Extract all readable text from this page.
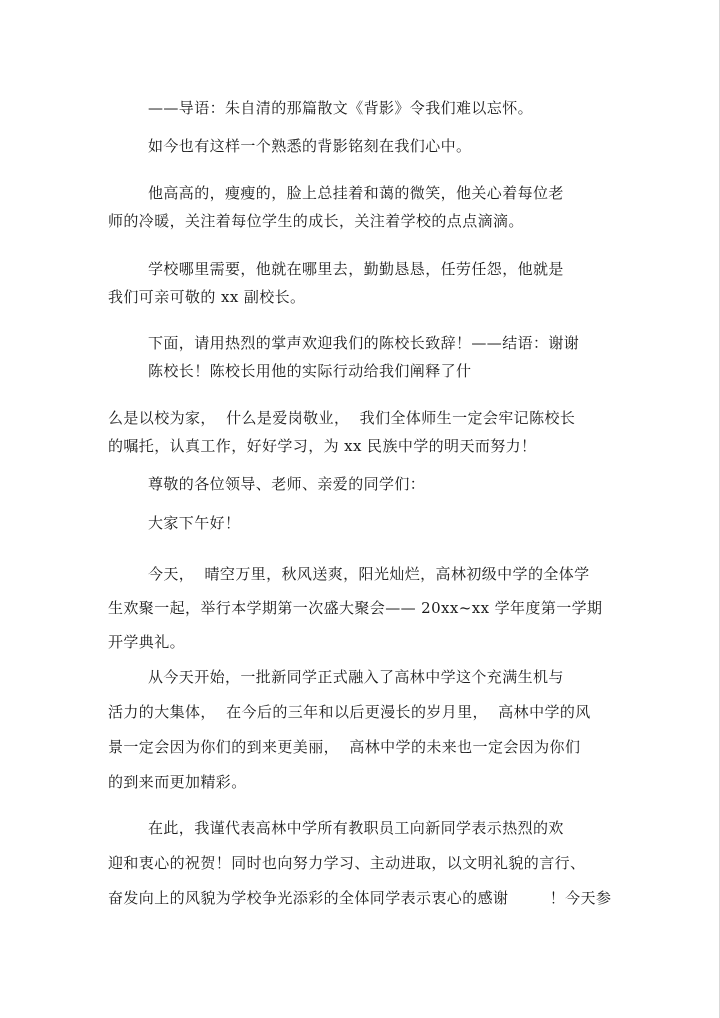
——导语：朱自清的那篇散文《背影》令我们难以忘怀。
如今也有这样一个熟悉的背影铭刻在我们心中。
他高高的，瘦瘦的，脸上总挂着和蔼的微笑，他关心着每位老
师的冷暖，关注着每位学生的成长，关注着学校的点点滴滴。
学校哪里需要，他就在哪里去，勤勤恳恳，任劳任怨，他就是
我们可亲可敬的 xx 副校长。
下面，请用热烈的掌声欢迎我们的陈校长致辞！——结语：谢谢
陈校长！陈校长用他的实际行动给我们阐释了什
么是以校为家，  什么是爱岗敬业，  我们全体师生一定会牢记陈校长
的嘱托，认真工作，好好学习，为 xx 民族中学的明天而努力！
尊敬的各位领导、老师、亲爱的同学们：
大家下午好！
今天，  晴空万里，秋风送爽，阳光灿烂，高林初级中学的全体学
生欢聚一起，举行本学期第一次盛大聚会—— 20xx~xx 学年度第一学期
开学典礼。
从今天开始，一批新同学正式融入了高林中学这个充满生机与
活力的大集体，  在今后的三年和以后更漫长的岁月里，  高林中学的风
景一定会因为你们的到来更美丽，  高林中学的未来也一定会因为你们
的到来而更加精彩。
在此，我谨代表高林中学所有教职员工向新同学表示热烈的欢
迎和衷心的祝贺！同时也向努力学习、主动进取，以文明礼貌的言行、
奋发向上的风貌为学校争光添彩的全体同学表示衷心的感谢        ！今天参
